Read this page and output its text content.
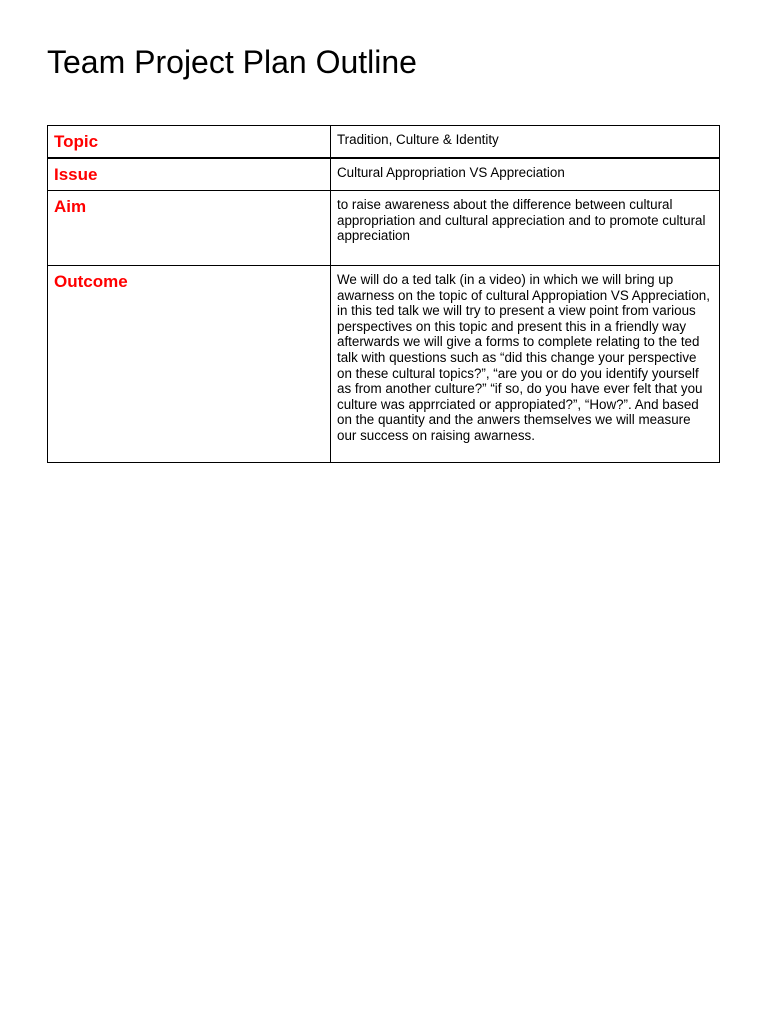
Team Project Plan Outline
Topic	Tradition, Culture & Identity

Issue	Cultural Appropriation VS Appreciation

Aim	to raise awareness about the difference between cultural appropriation and cultural appreciation and to promote cultural appreciation

Outcome	We will do a ted talk (in a video) in which we will bring up awarness on the topic of cultural Appropiation VS Appreciation, in this ted talk we will try to present a view point from various perspectives on this topic and present this in a friendly way afterwards we will give a forms to complete relating to the ted talk with questions such as “did this change your perspective on these cultural topics?”, “are you or do you identify yourself as from another culture?” “if so, do you have ever felt that you culture was apprrciated or appropiated?”, “How?”. And based on the quantity and the anwers themselves we will measure our success on raising awarness.
